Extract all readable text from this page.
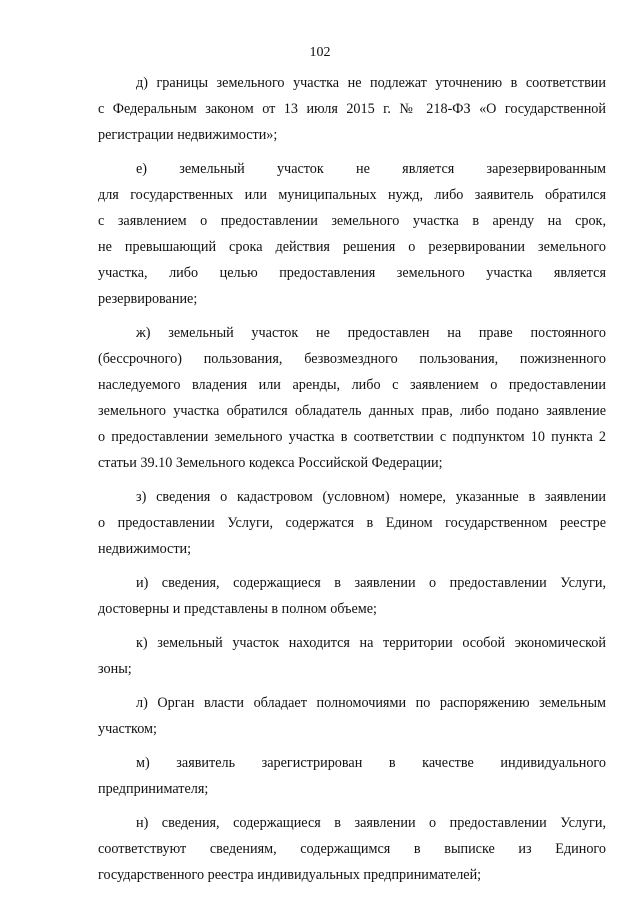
102
д) границы земельного участка не подлежат уточнению в соответствии
с Федеральным законом от 13 июля 2015 г. № 218-ФЗ «О государственной
регистрации недвижимости»;
е) земельный участок не является зарезервированным
для государственных или муниципальных нужд, либо заявитель обратился
с заявлением о предоставлении земельного участка в аренду на срок,
не превышающий срока действия решения о резервировании земельного
участка, либо целью предоставления земельного участка является
резервирование;
ж) земельный участок не предоставлен на праве постоянного
(бессрочного) пользования, безвозмездного пользования, пожизненного
наследуемого владения или аренды, либо с заявлением о предоставлении
земельного участка обратился обладатель данных прав, либо подано заявление
о предоставлении земельного участка в соответствии с подпунктом 10 пункта 2
статьи 39.10 Земельного кодекса Российской Федерации;
з) сведения о кадастровом (условном) номере, указанные в заявлении
о предоставлении Услуги, содержатся в Едином государственном реестре
недвижимости;
и) сведения, содержащиеся в заявлении о предоставлении Услуги,
достоверны и представлены в полном объеме;
к) земельный участок находится на территории особой экономической
зоны;
л) Орган власти обладает полномочиями по распоряжению земельным
участком;
м) заявитель зарегистрирован в качестве индивидуального
предпринимателя;
н) сведения, содержащиеся в заявлении о предоставлении Услуги,
соответствуют сведениям, содержащимся в выписке из Единого
государственного реестра индивидуальных предпринимателей;
